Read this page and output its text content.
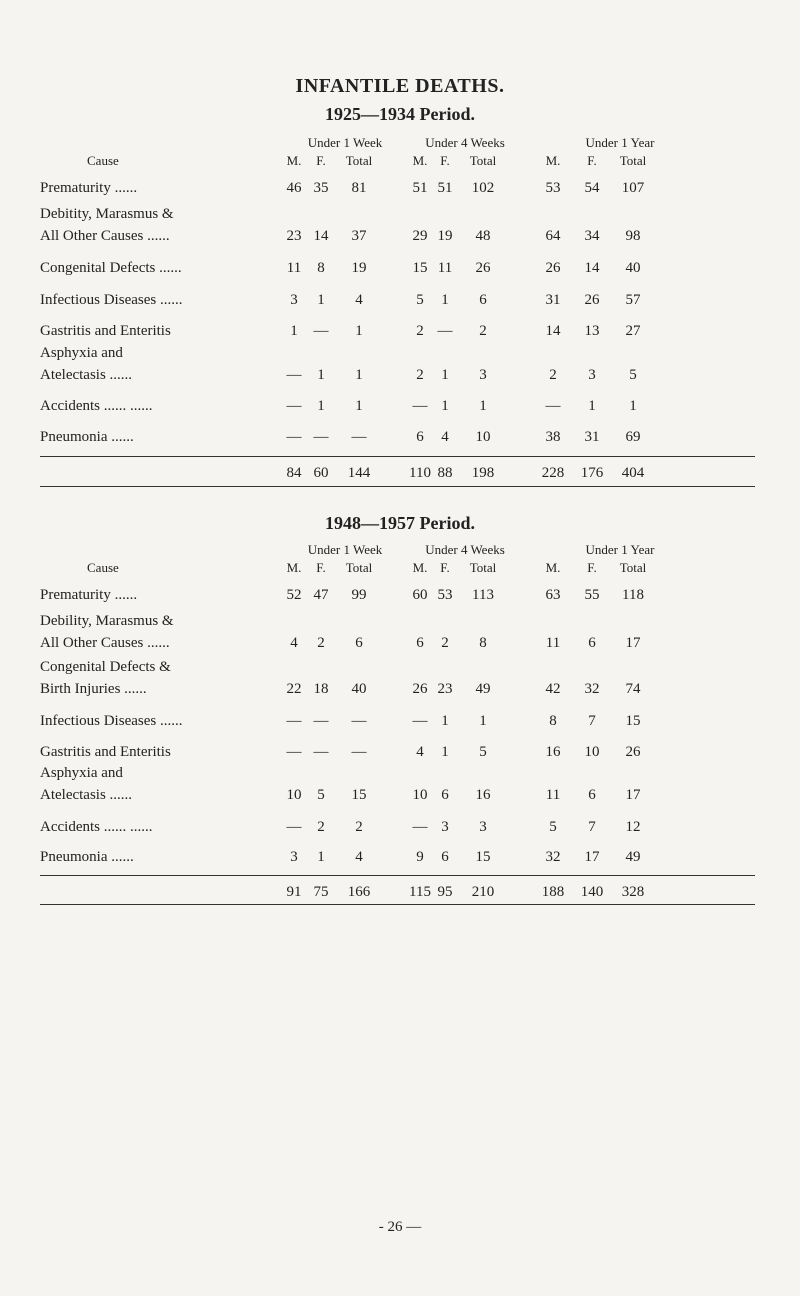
INFANTILE DEATHS.
1925—1934 Period.
Under 1 Week	Under 4 Weeks	Under 1 Year
Cause	M.	F.	Total	M. F.	Total	M.	F.	Total
Prematurity ......	46 35	81	51 51	102	53	54	107
Debitity, Marasmus &
All Other Causes ......	23 14	37	29 19	48	64	34	98
Congenital Defects ......	11	8	19	15 11	26	26	14	40
Infectious Diseases ......	3	1	4	5	1	6	31	26	57
Gastritis and Enteritis	1	—	1	2 —	2	14	13	27
Asphyxia and
Atelectasis ......	—	1	1	2	1	3	2	3	5
Accidents ...... ......	—	1	1	— 1	1	—	1	1
Pneumonia ......	— —	—	6	4	10	38	31	69
84 60	144	110 88	198	228	176	404
1948—1957 Period.
Under 1 Week	Under 4 Weeks	Under 1 Year
Cause	M.	F.	Total	M. F.	Total	M.	F.	Total
Prematurity ......	52 47	99	60 53	113	63	55	118
Debility, Marasmus &
All Other Causes ......	4	2	6	6	2	8	11	6	17
Congenital Defects &
Birth Injuries ......	22 18	40	26 23	49	42	32	74
Infectious Diseases ......	— —	—	— 1	1	8	7	15
Gastritis and Enteritis	— —	—	4	1	5	16	10	26
Asphyxia and
Atelectasis ......	10	5	15	10 6	16	11	6	17
Accidents ...... ......	—	2	2	— 3	3	5	7	12
Pneumonia ......	3	1	4	9	6	15	32	17	49
91 75	166	115 95	210	188	140	328
- 26 —
